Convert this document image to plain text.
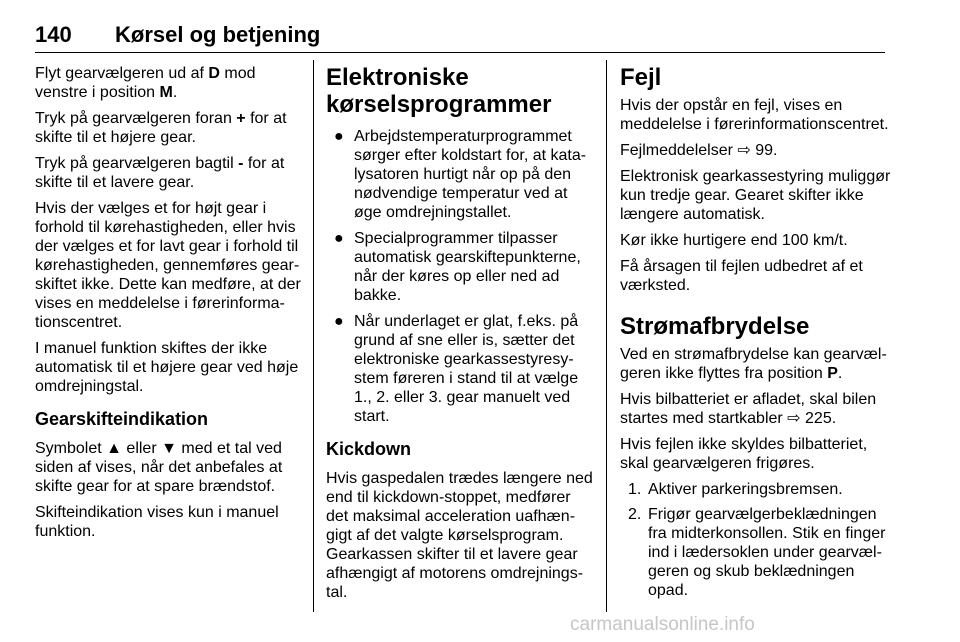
140 Kørsel og betjening

Flyt gearvælgeren ud af D mod venstre i position M.

Tryk på gearvælgeren foran + for at skifte til et højere gear.

Tryk på gearvælgeren bagtil - for at skifte til et lavere gear.

Hvis der vælges et for højt gear i forhold til kørehastigheden, eller hvis der vælges et for lavt gear i forhold til kørehastigheden, gennemføres gearskiftet ikke. Dette kan medføre, at der vises en meddelelse i førerinformationscentret.

I manuel funktion skiftes der ikke automatisk til et højere gear ved høje omdrejningstal.

Gearskifteindikation

Symbolet ▲ eller ▼ med et tal ved siden af vises, når det anbefales at skifte gear for at spare brændstof.

Skifteindikation vises kun i manuel funktion.

Elektroniske kørselsprogrammer
● Arbejdstemperaturprogrammet sørger efter koldstart for, at katalysatoren hurtigt når op på den nødvendige temperatur ved at øge omdrejningstallet.
● Specialprogrammer tilpasser automatisk gearskiftepunkterne, når der køres op eller ned ad bakke.
● Når underlaget er glat, f.eks. på grund af sne eller is, sætter det elektroniske gearkassestyresystem føreren i stand til at vælge 1., 2. eller 3. gear manuelt ved start.
Kickdown

Hvis gaspedalen trædes længere ned end til kickdown-stoppet, medfører det maksimal acceleration uafhængigt af det valgte kørselsprogram. Gearkassen skifter til et lavere gear afhængigt af motorens omdrejningstal.

Fejl

Hvis der opstår en fejl, vises en meddelelse i førerinformationscentret.

Fejlmeddelelser ⇨ 99.

Elektronisk gearkassestyring muliggør kun tredje gear. Gearet skifter ikke længere automatisk.

Kør ikke hurtigere end 100 km/t.

Få årsagen til fejlen udbedret af et værksted.

Strømafbrydelse

Ved en strømafbrydelse kan gearvælgeren ikke flyttes fra position P.

Hvis bilbatteriet er afladet, skal bilen startes med startkabler ⇨ 225.

Hvis fejlen ikke skyldes bilbatteriet, skal gearvælgeren frigøres.

1. Aktiver parkeringsbremsen.
2. Frigør gearvælgerbeklædningen fra midterkonsollen. Stik en finger ind i lædersoklen under gearvælgeren og skub beklædningen opad.
carmanualsonline.info
